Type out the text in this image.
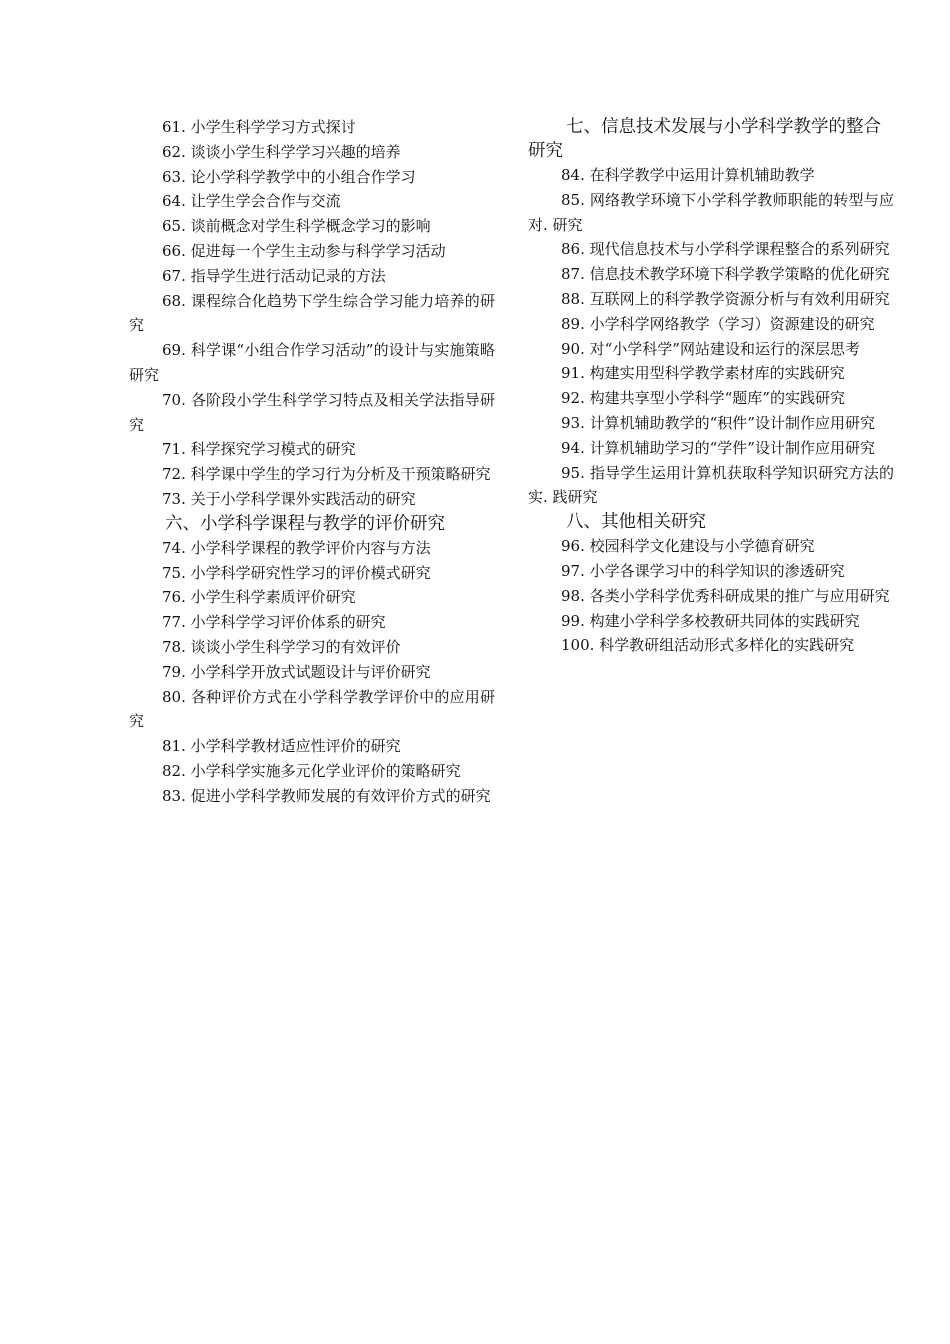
61. 小学生科学学习方式探讨

62. 谈谈小学生科学学习兴趣的培养

63. 论小学科学教学中的小组合作学习

64. 让学生学会合作与交流

65. 谈前概念对学生科学概念学习的影响

66. 促进每一个学生主动参与科学学习活动

67. 指导学生进行活动记录的方法

68. 课程综合化趋势下学生综合学习能力培养的研究

69. 科学课“小组合作学习活动”的设计与实施策略研究

70. 各阶段小学生科学学习特点及相关学法指导研究

71. 科学探究学习模式的研究

72. 科学课中学生的学习行为分析及干预策略研究

73. 关于小学科学课外实践活动的研究

六、小学科学课程与教学的评价研究

74. 小学科学课程的教学评价内容与方法

75. 小学科学研究性学习的评价模式研究

76. 小学生科学素质评价研究

77. 小学科学学习评价体系的研究

78. 谈谈小学生科学学习的有效评价

79. 小学科学开放式试题设计与评价研究

80. 各种评价方式在小学科学教学评价中的应用研究

81. 小学科学教材适应性评价的研究

82. 小学科学实施多元化学业评价的策略研究

83. 促进小学科学教师发展的有效评价方式的研究

七、信息技术发展与小学科学教学的整合研究

84. 在科学教学中运用计算机辅助教学

85. 网络教学环境下小学科学教师职能的转型与应对. 研究

86. 现代信息技术与小学科学课程整合的系列研究

87. 信息技术教学环境下科学教学策略的优化研究

88. 互联网上的科学教学资源分析与有效利用研究

89. 小学科学网络教学（学习）资源建设的研究

90. 对“小学科学”网站建设和运行的深层思考

91. 构建实用型科学教学素材库的实践研究

92. 构建共享型小学科学“题库”的实践研究

93. 计算机辅助教学的“积件”设计制作应用研究

94. 计算机辅助学习的“学件”设计制作应用研究

95. 指导学生运用计算机获取科学知识研究方法的实. 践研究

八、其他相关研究

96. 校园科学文化建设与小学德育研究

97. 小学各课学习中的科学知识的渗透研究

98. 各类小学科学优秀科研成果的推广与应用研究

99. 构建小学科学多校教研共同体的实践研究

100. 科学教研组活动形式多样化的实践研究
